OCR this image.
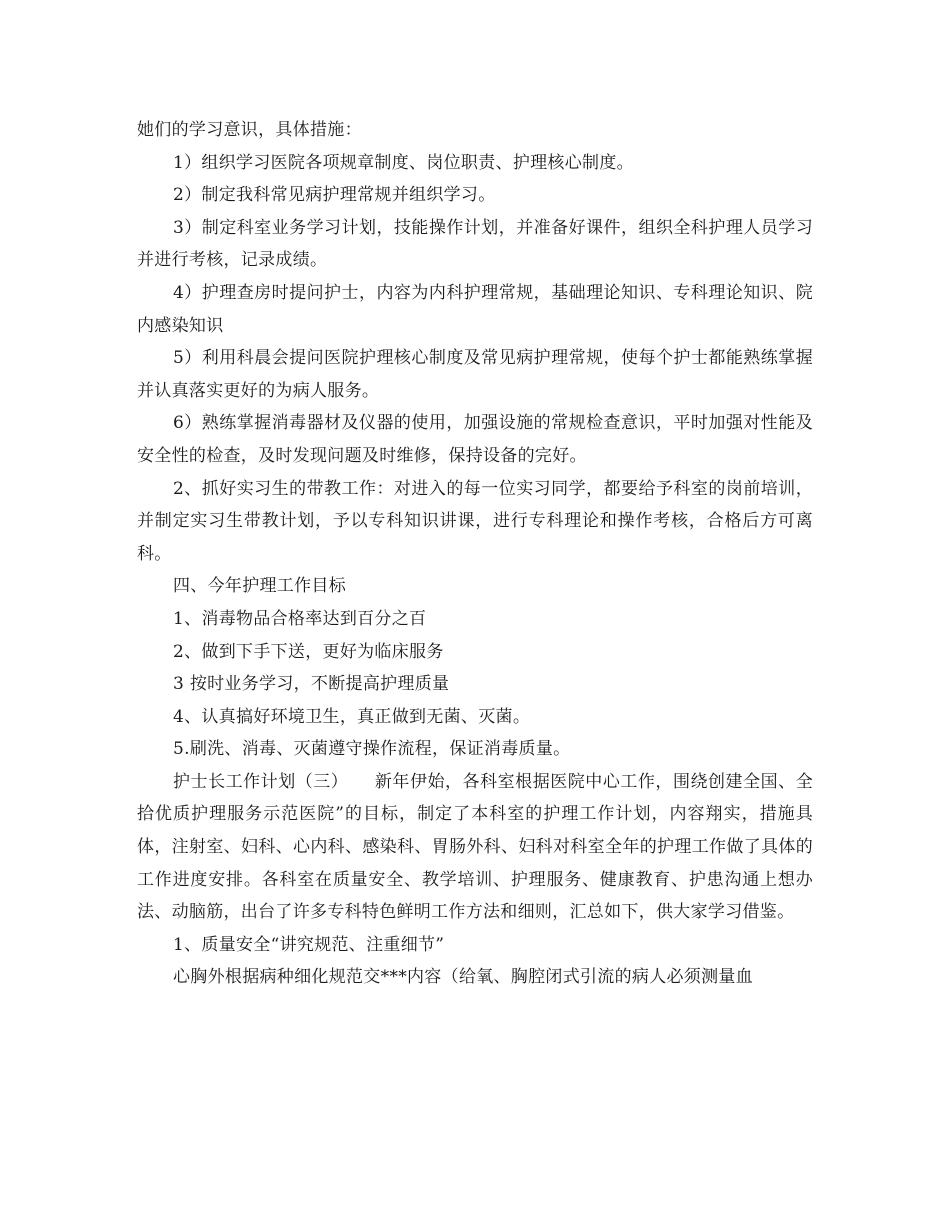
她们的学习意识，具体措施：

1）组织学习医院各项规章制度、岗位职责、护理核心制度。

2）制定我科常见病护理常规并组织学习。

3）制定科室业务学习计划，技能操作计划，并准备好课件，组织全科护理人员学习并进行考核，记录成绩。

4）护理查房时提问护士，内容为内科护理常规，基础理论知识、专科理论知识、院内感染知识

5）利用科晨会提问医院护理核心制度及常见病护理常规，使每个护士都能熟练掌握并认真落实更好的为病人服务。

6）熟练掌握消毒器材及仪器的使用，加强设施的常规检查意识，平时加强对性能及安全性的检查，及时发现问题及时维修，保持设备的完好。

2、抓好实习生的带教工作：对进入的每一位实习同学，都要给予科室的岗前培训，并制定实习生带教计划，予以专科知识讲课，进行专科理论和操作考核，合格后方可离科。

四、今年护理工作目标

1、消毒物品合格率达到百分之百

2、做到下手下送，更好为临床服务

3 按时业务学习，不断提高护理质量

4、认真搞好环境卫生，真正做到无菌、灭菌。

5.刷洗、消毒、灭菌遵守操作流程，保证消毒质量。

护士长工作计划（三）　　新年伊始，各科室根据医院中心工作，围绕创建全国、全拾优质护理服务示范医院”的目标，制定了本科室的护理工作计划，内容翔实，措施具体，注射室、妇科、心内科、感染科、胃肠外科、妇科对科室全年的护理工作做了具体的工作进度安排。各科室在质量安全、教学培训、护理服务、健康教育、护患沟通上想办法、动脑筋，出台了许多专科特色鲜明工作方法和细则，汇总如下，供大家学习借鉴。

1、质量安全“讲究规范、注重细节”

心胸外根据病种细化规范交***内容（给氧、胸腔闭式引流的病人必须测量血
